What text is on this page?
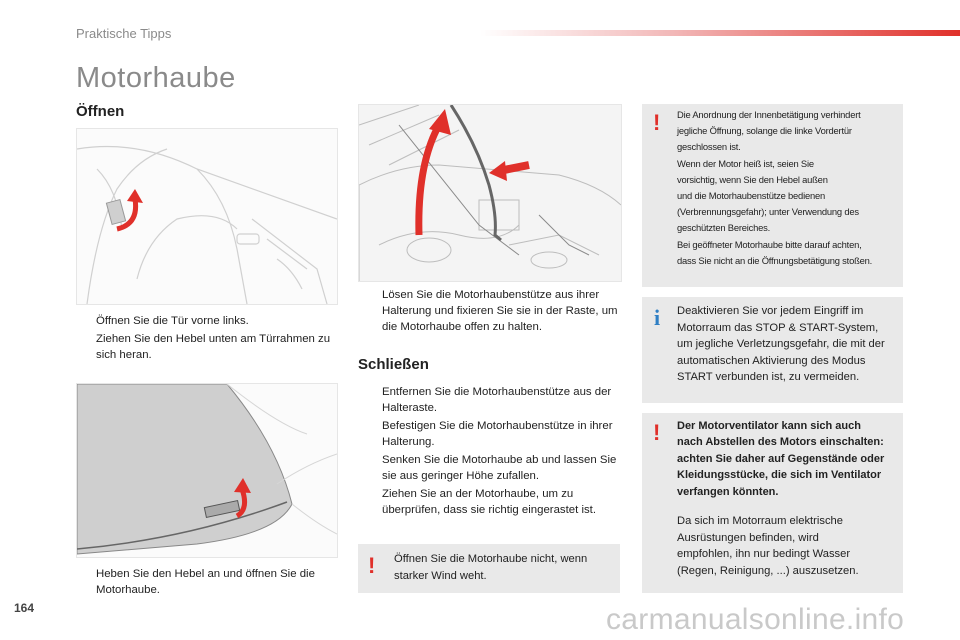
Praktische Tipps
Motorhaube
Öffnen
Öffnen Sie die Tür vorne links.
Ziehen Sie den Hebel unten am Türrahmen zu sich heran.
Heben Sie den Hebel an und öffnen Sie die Motorhaube.
Lösen Sie die Motorhaubenstütze aus ihrer Halterung und fixieren Sie sie in der Raste, um die Motorhaube offen zu halten.
Schließen
Entfernen Sie die Motorhaubenstütze aus der Halteraste.
Befestigen Sie die Motorhaubenstütze in ihrer Halterung.
Senken Sie die Motorhaube ab und lassen Sie sie aus geringer Höhe zufallen.
Ziehen Sie an der Motorhaube, um zu überprüfen, dass sie richtig eingerastet ist.
! Öffnen Sie die Motorhaube nicht, wenn starker Wind weht.
! Die Anordnung der Innenbetätigung verhindert
jegliche Öffnung, solange die linke Vordertür
geschlossen ist.
Wenn der Motor heiß ist, seien Sie
vorsichtig, wenn Sie den Hebel außen
und die Motorhaubenstütze bedienen
(Verbrennungsgefahr); unter Verwendung des
geschützten Bereiches.
Bei geöffneter Motorhaube bitte darauf achten,
dass Sie nicht an die Öffnungsbetätigung stoßen.
i Deaktivieren Sie vor jedem Eingriff im
Motorraum das STOP & START-System,
um jegliche Verletzungsgefahr, die mit der
automatischen Aktivierung des Modus
START verbunden ist, zu vermeiden.
! Der Motorventilator kann sich auch
nach Abstellen des Motors einschalten:
achten Sie daher auf Gegenstände oder
Kleidungsstücke, die sich im Ventilator
verfangen könnten.
Da sich im Motorraum elektrische
Ausrüstungen befinden, wird
empfohlen, ihn nur bedingt Wasser
(Regen, Reinigung, ...) auszusetzen.
164	carmanualsonline.info
